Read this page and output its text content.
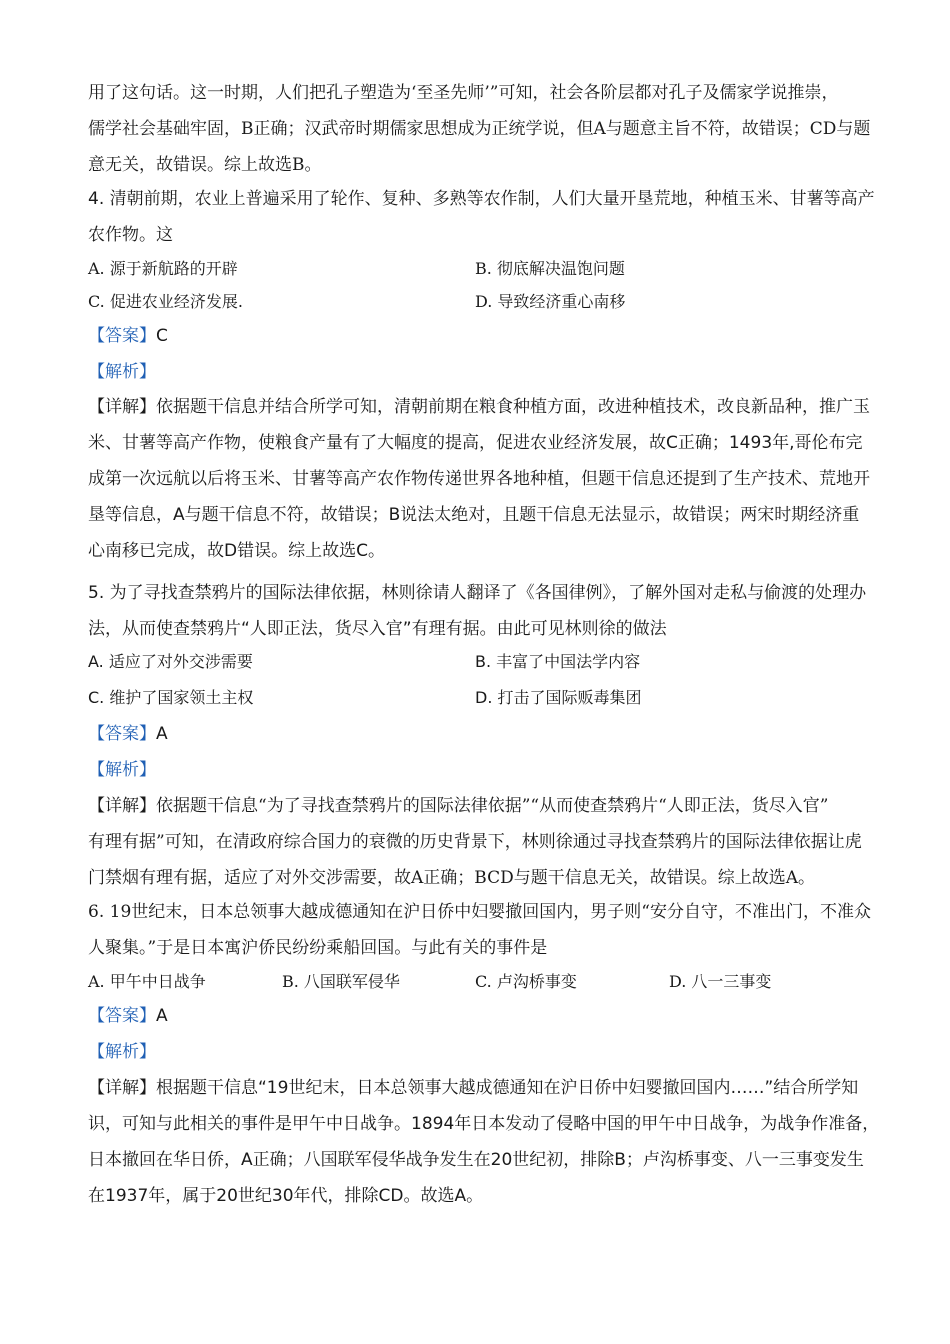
用了这句话。这一时期，人们把孔子塑造为‘至圣先师’”可知，社会各阶层都对孔子及儒家学说推崇，
儒学社会基础牢固，B正确；汉武帝时期儒家思想成为正统学说，但A与题意主旨不符，故错误；CD与题
意无关，故错误。综上故选B。
4. 清朝前期，农业上普遍采用了轮作、复种、多熟等农作制，人们大量开垦荒地，种植玉米、甘薯等高产
农作物。这
A. 源于新航路的开辟	B. 彻底解决温饱问题
C. 促进农业经济发展.	D. 导致经济重心南移
【答案】C
【解析】
【详解】依据题干信息并结合所学可知，清朝前期在粮食种植方面，改进种植技术，改良新品种，推广玉
米、甘薯等高产作物，使粮食产量有了大幅度的提高，促进农业经济发展，故C正确；1493年,哥伦布完
成第一次远航以后将玉米、甘薯等高产农作物传递世界各地种植，但题干信息还提到了生产技术、荒地开
垦等信息，A与题干信息不符，故错误；B说法太绝对，且题干信息无法显示，故错误；两宋时期经济重
心南移已完成，故D错误。综上故选C。
5. 为了寻找查禁鸦片的国际法律依据，林则徐请人翻译了《各国律例》，了解外国对走私与偷渡的处理办
法，从而使查禁鸦片“人即正法，货尽入官”有理有据。由此可见林则徐的做法
A. 适应了对外交涉需要	B. 丰富了中国法学内容
C. 维护了国家领土主权	D. 打击了国际贩毒集团
【答案】A
【解析】
【详解】依据题干信息“为了寻找查禁鸦片的国际法律依据”“从而使查禁鸦片“人即正法，货尽入官”
有理有据”可知，在清政府综合国力的衰微的历史背景下，林则徐通过寻找查禁鸦片的国际法律依据让虎
门禁烟有理有据，适应了对外交涉需要，故A正确；BCD与题干信息无关，故错误。综上故选A。
6. 19世纪末，日本总领事大越成德通知在沪日侨中妇婴撤回国内，男子则“安分自守，不准出门，不准众
人聚集。”于是日本寓沪侨民纷纷乘船回国。与此有关的事件是
A. 甲午中日战争	B. 八国联军侵华	C. 卢沟桥事变	D. 八一三事变
【答案】A
【解析】
【详解】根据题干信息“19世纪末，日本总领事大越成德通知在沪日侨中妇婴撤回国内……”结合所学知
识，可知与此相关的事件是甲午中日战争。1894年日本发动了侵略中国的甲午中日战争，为战争作准备，
日本撤回在华日侨，A正确；八国联军侵华战争发生在20世纪初，排除B；卢沟桥事变、八一三事变发生
在1937年，属于20世纪30年代，排除CD。故选A。
